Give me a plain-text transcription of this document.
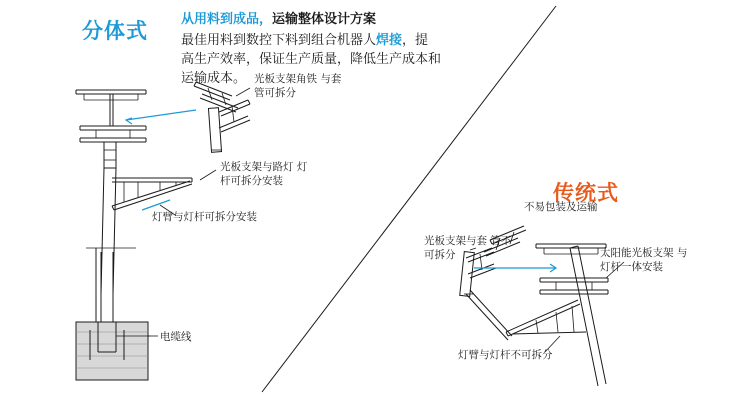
分体式
传统式
从用料到成品，运输整体设计方案
最佳用料到数控下料到组合机器人焊接，提高生产效率，保证生产质量，降低生产成本和运输成本。 光板支架角铁 与套管可拆分
光板支架与路灯 灯杆可拆分安装
灯臂与灯杆可拆分安装
电缆线
不易包装及运输
光板支架与套 管不可拆分	太阳能光板支架 与灯杆一体安装
灯臂与灯杆不可拆分
